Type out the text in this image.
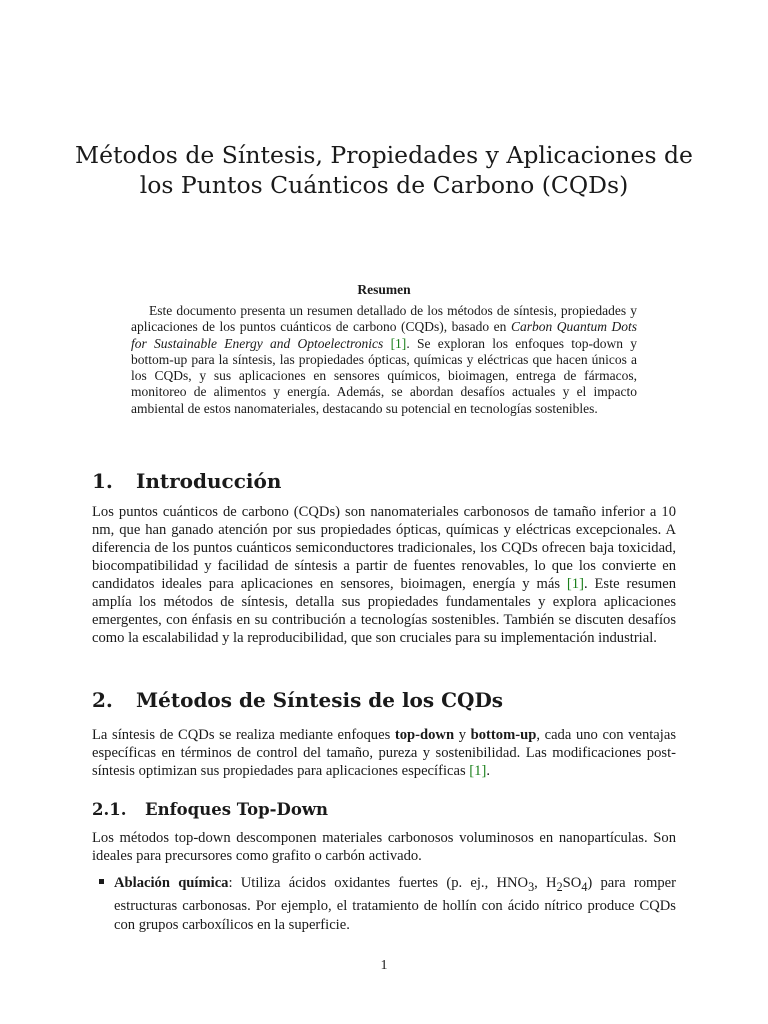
Métodos de Síntesis, Propiedades y Aplicaciones de
los Puntos Cuánticos de Carbono (CQDs)
Resumen

Este documento presenta un resumen detallado de los métodos de síntesis, propiedades y aplicaciones de los puntos cuánticos de carbono (CQDs), basado en Carbon Quantum Dots for Sustainable Energy and Optoelectronics [1]. Se exploran los enfoques top-down y bottom-up para la síntesis, las propiedades ópticas, químicas y eléctricas que hacen únicos a los CQDs, y sus aplicaciones en sensores químicos, bioimagen, entrega de fármacos, monitoreo de alimentos y energía. Además, se abordan desafíos actuales y el impacto ambiental de estos nanomateriales, destacando su potencial en tecnologías sostenibles.

1. Introducción

Los puntos cuánticos de carbono (CQDs) son nanomateriales carbonosos de tamaño inferior a 10 nm, que han ganado atención por sus propiedades ópticas, químicas y eléctricas excepcionales. A diferencia de los puntos cuánticos semiconductores tradicionales, los CQDs ofrecen baja toxicidad, biocompatibilidad y facilidad de síntesis a partir de fuentes renovables, lo que los convierte en candidatos ideales para aplicaciones en sensores, bioimagen, energía y más [1]. Este resumen amplía los métodos de síntesis, detalla sus propiedades fundamentales y explora aplicaciones emergentes, con énfasis en su contribución a tecnologías sostenibles. También se discuten desafíos como la escalabilidad y la reproducibilidad, que son cruciales para su implementación industrial.

2. Métodos de Síntesis de los CQDs

La síntesis de CQDs se realiza mediante enfoques top-down y bottom-up, cada uno con ventajas específicas en términos de control del tamaño, pureza y sostenibilidad. Las modificaciones post-síntesis optimizan sus propiedades para aplicaciones específicas [1].

2.1. Enfoques Top-Down

Los métodos top-down descomponen materiales carbonosos voluminosos en nanopartículas. Son ideales para precursores como grafito o carbón activado.

Ablación química: Utiliza ácidos oxidantes fuertes (p. ej., $HNO_3$, $H_2SO_4$) para romper estructuras carbonosas. Por ejemplo, el tratamiento de hollín con ácido nítrico produce CQDs con grupos carboxílicos en la superficie.

1
